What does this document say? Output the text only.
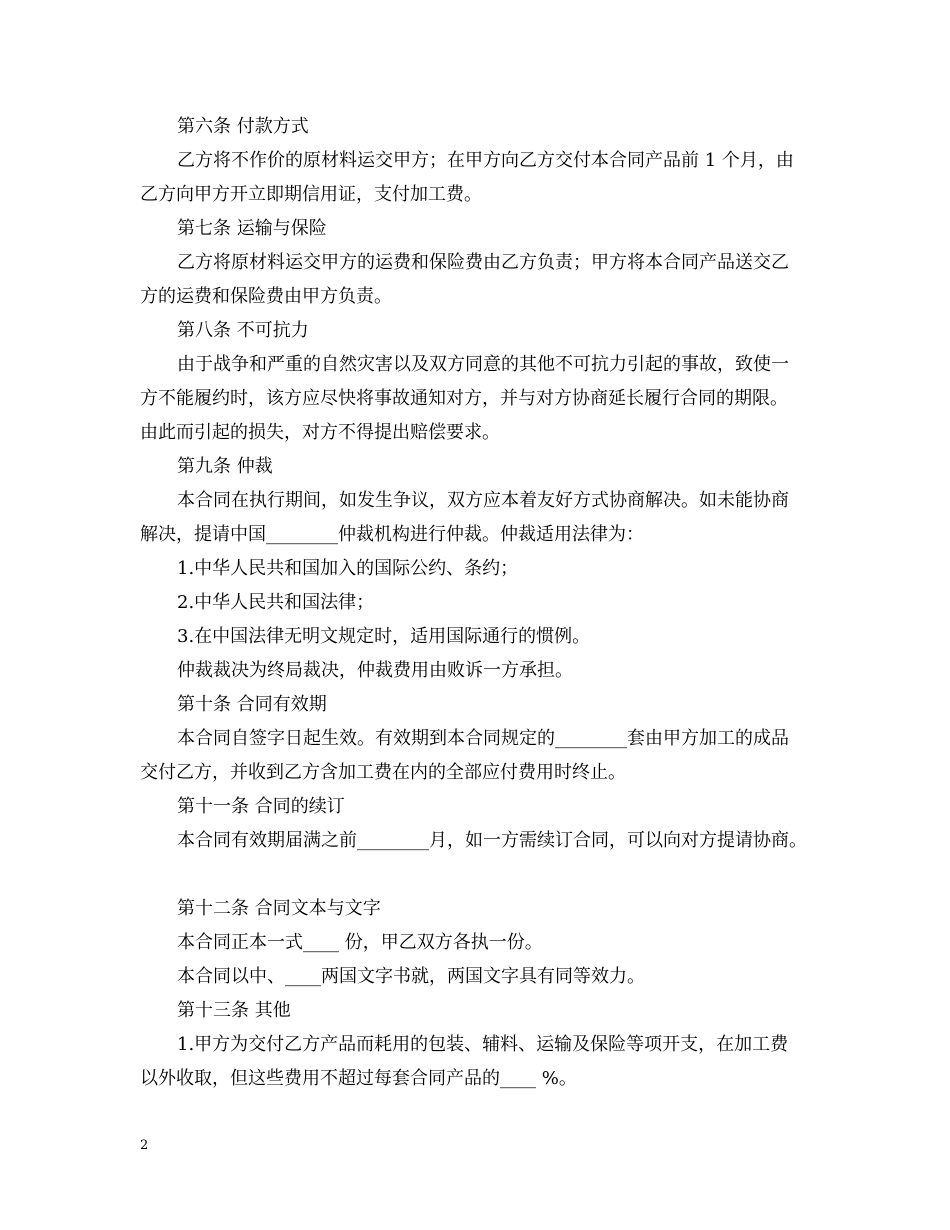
第六条 付款方式
乙方将不作价的原材料运交甲方；在甲方向乙方交付本合同产品前 1 个月，由
乙方向甲方开立即期信用证，支付加工费。
第七条 运输与保险
乙方将原材料运交甲方的运费和保险费由乙方负责；甲方将本合同产品送交乙
方的运费和保险费由甲方负责。
第八条 不可抗力
由于战争和严重的自然灾害以及双方同意的其他不可抗力引起的事故，致使一
方不能履约时，该方应尽快将事故通知对方，并与对方协商延长履行合同的期限。
由此而引起的损失，对方不得提出赔偿要求。
第九条 仲裁
本合同在执行期间，如发生争议，双方应本着友好方式协商解决。如未能协商
解决，提请中国________仲裁机构进行仲裁。仲裁适用法律为：
1.中华人民共和国加入的国际公约、条约；
2.中华人民共和国法律；
3.在中国法律无明文规定时，适用国际通行的惯例。
仲裁裁决为终局裁决，仲裁费用由败诉一方承担。
第十条 合同有效期
本合同自签字日起生效。有效期到本合同规定的________套由甲方加工的成品
交付乙方，并收到乙方含加工费在内的全部应付费用时终止。
第十一条 合同的续订
本合同有效期届满之前________月，如一方需续订合同，可以向对方提请协商。
第十二条 合同文本与文字
本合同正本一式____ 份，甲乙双方各执一份。
本合同以中、____两国文字书就，两国文字具有同等效力。
第十三条 其他
1.甲方为交付乙方产品而耗用的包装、辅料、运输及保险等项开支，在加工费
以外收取，但这些费用不超过每套合同产品的____ %。
2
